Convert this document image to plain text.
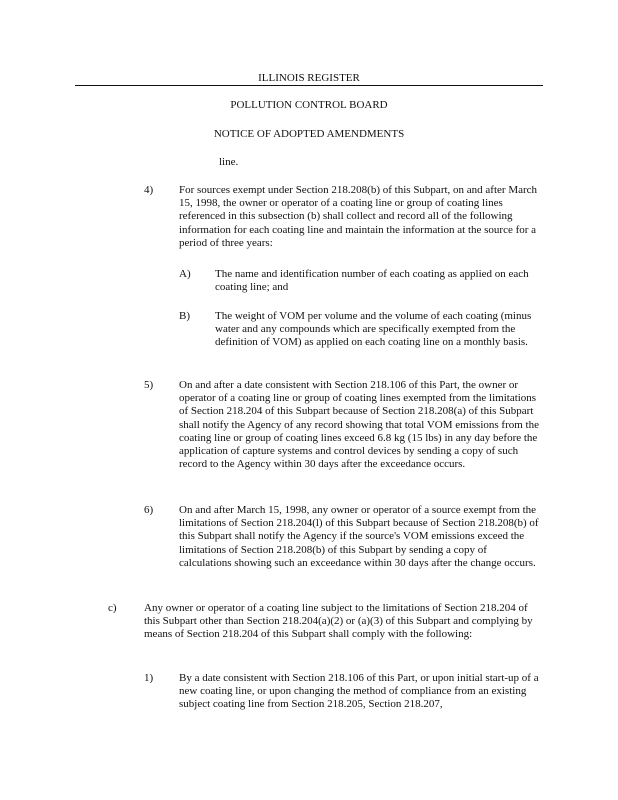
ILLINOIS REGISTER
POLLUTION CONTROL BOARD
NOTICE OF ADOPTED AMENDMENTS
line.
4) For sources exempt under Section 218.208(b) of this Subpart, on and after March 15, 1998, the owner or operator of a coating line or group of coating lines referenced in this subsection (b) shall collect and record all of the following information for each coating line and maintain the information at the source for a period of three years:
A) The name and identification number of each coating as applied on each coating line; and
B) The weight of VOM per volume and the volume of each coating (minus water and any compounds which are specifically exempted from the definition of VOM) as applied on each coating line on a monthly basis.
5) On and after a date consistent with Section 218.106 of this Part, the owner or operator of a coating line or group of coating lines exempted from the limitations of Section 218.204 of this Subpart because of Section 218.208(a) of this Subpart shall notify the Agency of any record showing that total VOM emissions from the coating line or group of coating lines exceed 6.8 kg (15 lbs) in any day before the application of capture systems and control devices by sending a copy of such record to the Agency within 30 days after the exceedance occurs.
6) On and after March 15, 1998, any owner or operator of a source exempt from the limitations of Section 218.204(l) of this Subpart because of Section 218.208(b) of this Subpart shall notify the Agency if the source's VOM emissions exceed the limitations of Section 218.208(b) of this Subpart by sending a copy of calculations showing such an exceedance within 30 days after the change occurs.
c) Any owner or operator of a coating line subject to the limitations of Section 218.204 of this Subpart other than Section 218.204(a)(2) or (a)(3) of this Subpart and complying by means of Section 218.204 of this Subpart shall comply with the following:
1) By a date consistent with Section 218.106 of this Part, or upon initial start-up of a new coating line, or upon changing the method of compliance from an existing subject coating line from Section 218.205, Section 218.207,
